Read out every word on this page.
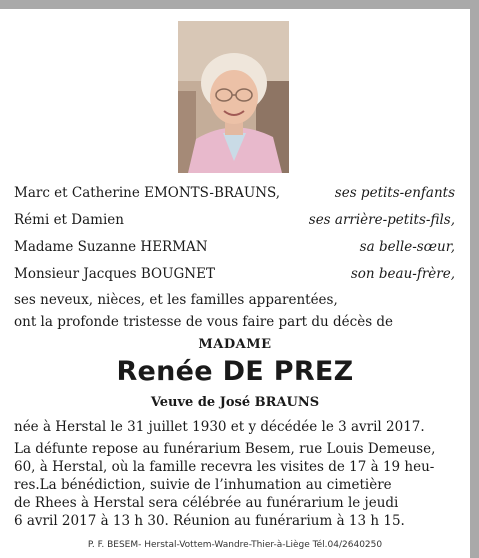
Marc et Catherine EMONTS-BRAUNS,	ses petits-enfants
Rémi et Damien	ses arrière-petits-fils,
Madame Suzanne HERMAN	sa belle-sœur,
Monsieur Jacques BOUGNET	son beau-frère,
ses neveux, nièces, et les familles apparentées,
ont la profonde tristesse de vous faire part du décès de
MADAME
Renée DE PREZ
Veuve de José BRAUNS
née à Herstal le 31 juillet 1930 et y décédée le 3 avril 2017.
La défunte repose au funérarium Besem, rue Louis Demeuse,
60, à Herstal, où la famille recevra les visites de 17 à 19 heu-
res.La bénédiction, suivie de l’inhumation au cimetière
de Rhees à Herstal sera célébrée au funérarium le jeudi
6 avril 2017 à 13 h 30. Réunion au funérarium à 13 h 15.
P. F. BESEM- Herstal-Vottem-Wandre-Thier-à-Liège Tél.04/2640250
